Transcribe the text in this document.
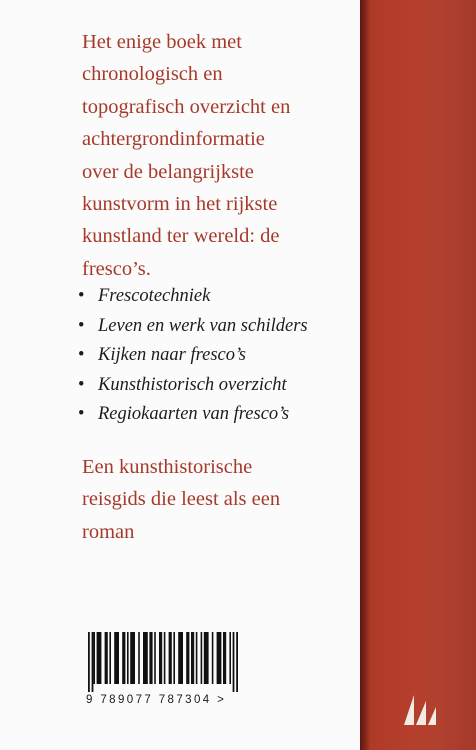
Het enige boek met
chronologisch en
topografisch overzicht en
achtergrondinformatie
over de belangrijkste
kunstvorm in het rijkste
kunstland ter wereld: de
fresco’s.

• Frescotechniek
• Leven en werk van schilders
• Kijken naar fresco’s
• Kunsthistorisch overzicht
• Regiokaarten van fresco’s

Een kunsthistorische
reisgids die leest als een
roman

9 789077 787304 >
